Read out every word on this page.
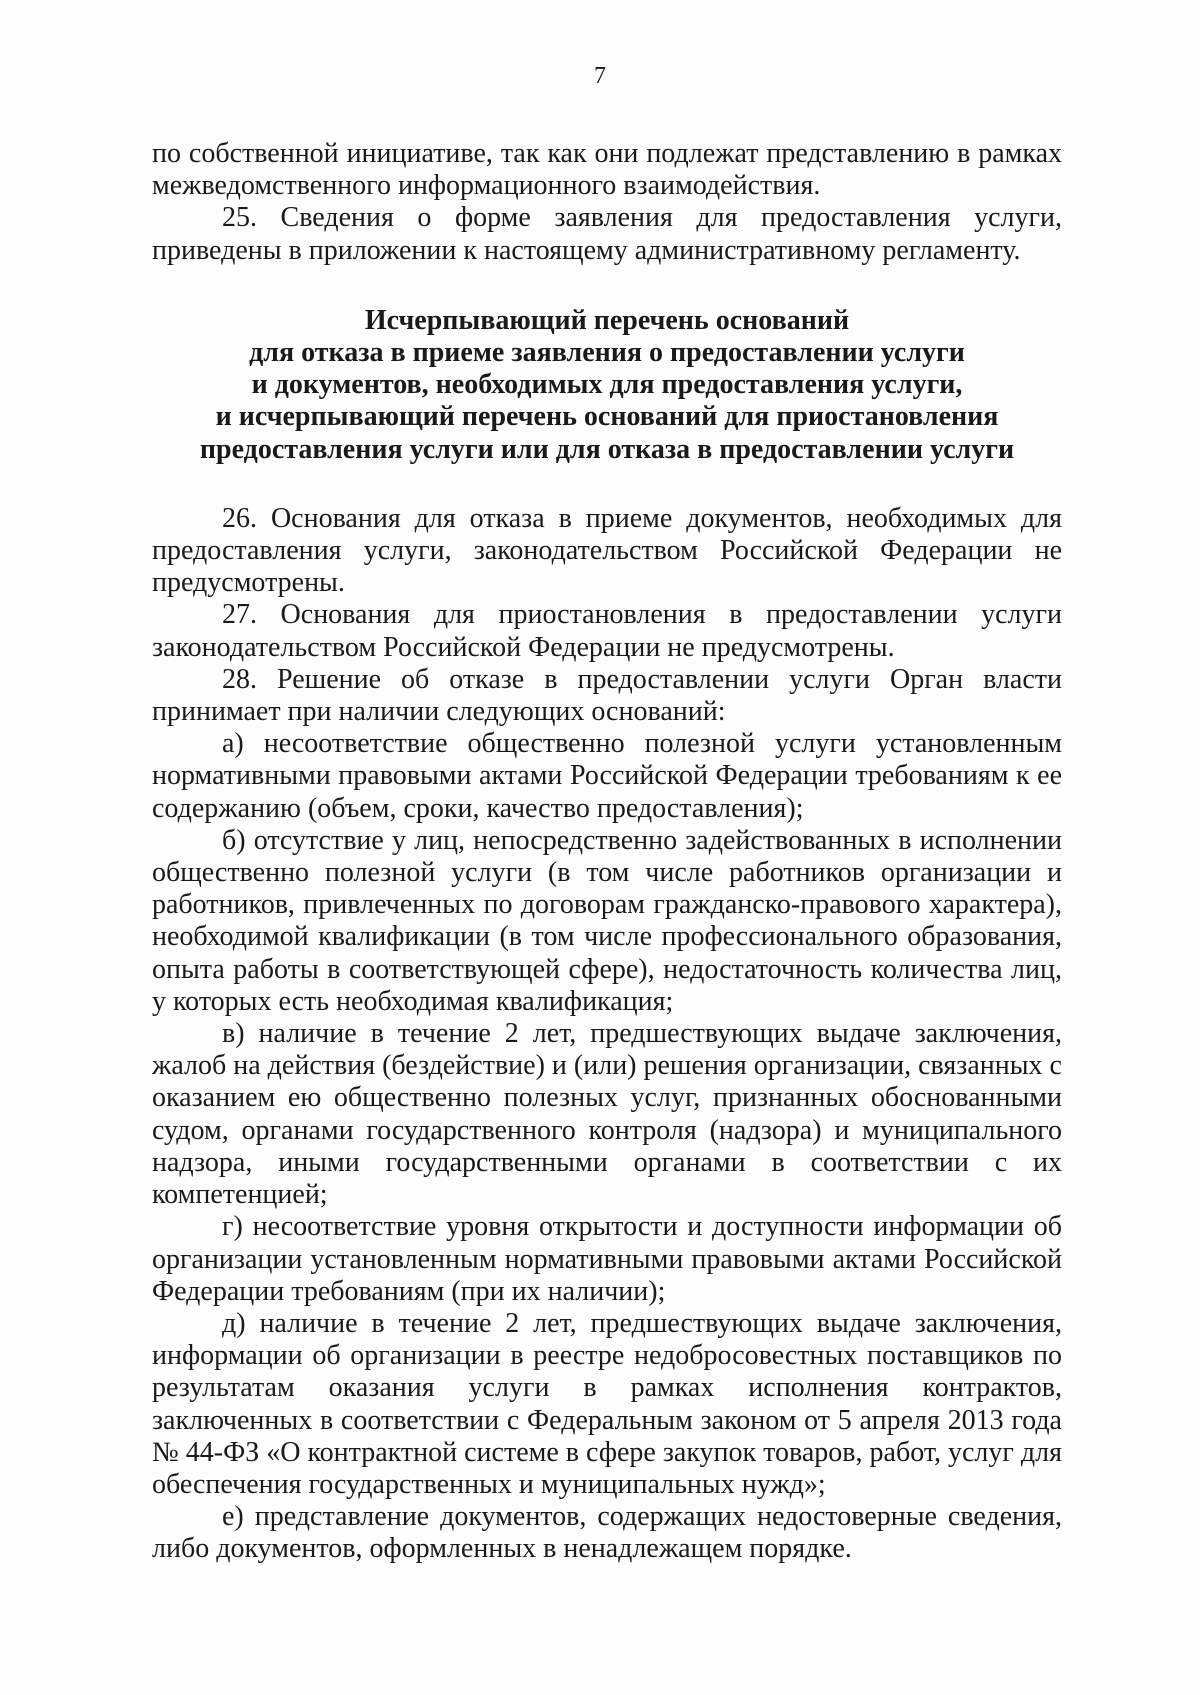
7

по собственной инициативе, так как они подлежат представлению в рамках межведомственного информационного взаимодействия.

25. Сведения о форме заявления для предоставления услуги, приведены в приложении к настоящему административному регламенту.

Исчерпывающий перечень оснований
для отказа в приеме заявления о предоставлении услуги
и документов, необходимых для предоставления услуги,
и исчерпывающий перечень оснований для приостановления
предоставления услуги или для отказа в предоставлении услуги

26. Основания для отказа в приеме документов, необходимых для предоставления услуги, законодательством Российской Федерации не предусмотрены.

27. Основания для приостановления в предоставлении услуги законодательством Российской Федерации не предусмотрены.

28. Решение об отказе в предоставлении услуги Орган власти принимает при наличии следующих оснований:

а) несоответствие общественно полезной услуги установленным нормативными правовыми актами Российской Федерации требованиям к ее содержанию (объем, сроки, качество предоставления);

б) отсутствие у лиц, непосредственно задействованных в исполнении общественно полезной услуги (в том числе работников организации и работников, привлеченных по договорам гражданско-правового характера), необходимой квалификации (в том числе профессионального образования, опыта работы в соответствующей сфере), недостаточность количества лиц, у которых есть необходимая квалификация;

в) наличие в течение 2 лет, предшествующих выдаче заключения, жалоб на действия (бездействие) и (или) решения организации, связанных с оказанием ею общественно полезных услуг, признанных обоснованными судом, органами государственного контроля (надзора) и муниципального надзора, иными государственными органами в соответствии с их компетенцией;

г) несоответствие уровня открытости и доступности информации об организации установленным нормативными правовыми актами Российской Федерации требованиям (при их наличии);

д) наличие в течение 2 лет, предшествующих выдаче заключения, информации об организации в реестре недобросовестных поставщиков по результатам оказания услуги в рамках исполнения контрактов, заключенных в соответствии с Федеральным законом от 5 апреля 2013 года № 44-ФЗ «О контрактной системе в сфере закупок товаров, работ, услуг для обеспечения государственных и муниципальных нужд»;

е) представление документов, содержащих недостоверные сведения, либо документов, оформленных в ненадлежащем порядке.
